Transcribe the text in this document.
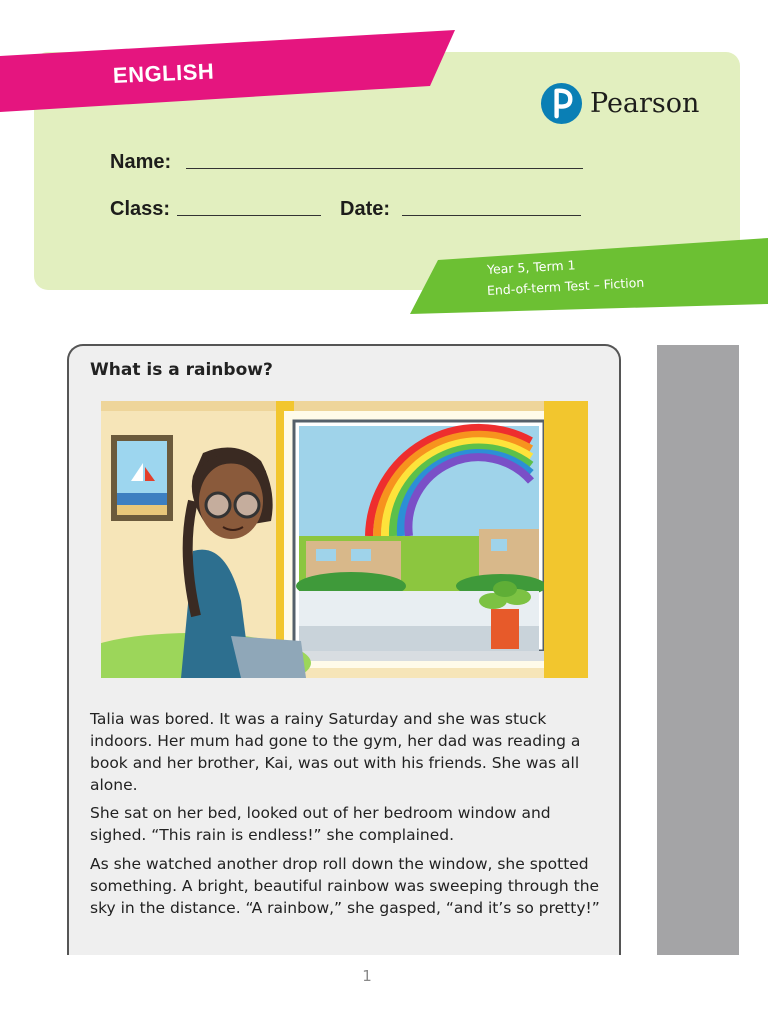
ENGLISH
Pearson
Name:
Class:	Date:
Year 5, Term 1
End-of-term Test – Fiction
What is a rainbow?

Talia was bored. It was a rainy Saturday and she was stuck indoors. Her mum had gone to the gym, her dad was reading a book and her brother, Kai, was out with his friends. She was all alone.

She sat on her bed, looked out of her bedroom window and sighed. “This rain is endless!” she complained.

As she watched another drop roll down the window, she spotted something. A bright, beautiful rainbow was sweeping through the sky in the distance. “A rainbow,” she gasped, “and it’s so pretty!”

1
